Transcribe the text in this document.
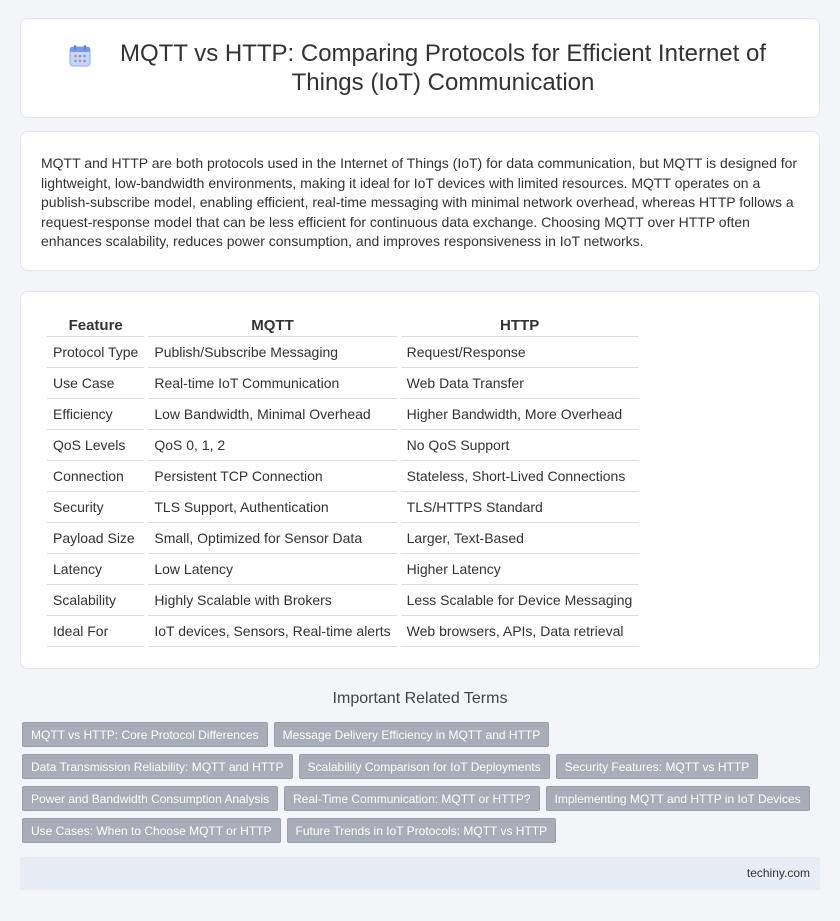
MQTT vs HTTP: Comparing Protocols for Efficient Internet of Things (IoT) Communication

MQTT and HTTP are both protocols used in the Internet of Things (IoT) for data communication, but MQTT is designed for lightweight, low-bandwidth environments, making it ideal for IoT devices with limited resources. MQTT operates on a publish-subscribe model, enabling efficient, real-time messaging with minimal network overhead, whereas HTTP follows a request-response model that can be less efficient for continuous data exchange. Choosing MQTT over HTTP often enhances scalability, reduces power consumption, and improves responsiveness in IoT networks.

Feature	MQTT	HTTP
Protocol Type	Publish/Subscribe Messaging	Request/Response
Use Case	Real-time IoT Communication	Web Data Transfer
Efficiency	Low Bandwidth, Minimal Overhead	Higher Bandwidth, More Overhead
QoS Levels	QoS 0, 1, 2	No QoS Support
Connection	Persistent TCP Connection	Stateless, Short-Lived Connections
Security	TLS Support, Authentication	TLS/HTTPS Standard
Payload Size	Small, Optimized for Sensor Data	Larger, Text-Based
Latency	Low Latency	Higher Latency
Scalability	Highly Scalable with Brokers	Less Scalable for Device Messaging
Ideal For	IoT devices, Sensors, Real-time alerts	Web browsers, APIs, Data retrieval
Important Related Terms
MQTT vs HTTP: Core Protocol Differences	Message Delivery Efficiency in MQTT and HTTP
Data Transmission Reliability: MQTT and HTTP	Scalability Comparison for IoT Deployments	Security Features: MQTT vs HTTP
Power and Bandwidth Consumption Analysis	Real-Time Communication: MQTT or HTTP?	Implementing MQTT and HTTP in IoT Devices
Use Cases: When to Choose MQTT or HTTP	Future Trends in IoT Protocols: MQTT vs HTTP
techiny.com
